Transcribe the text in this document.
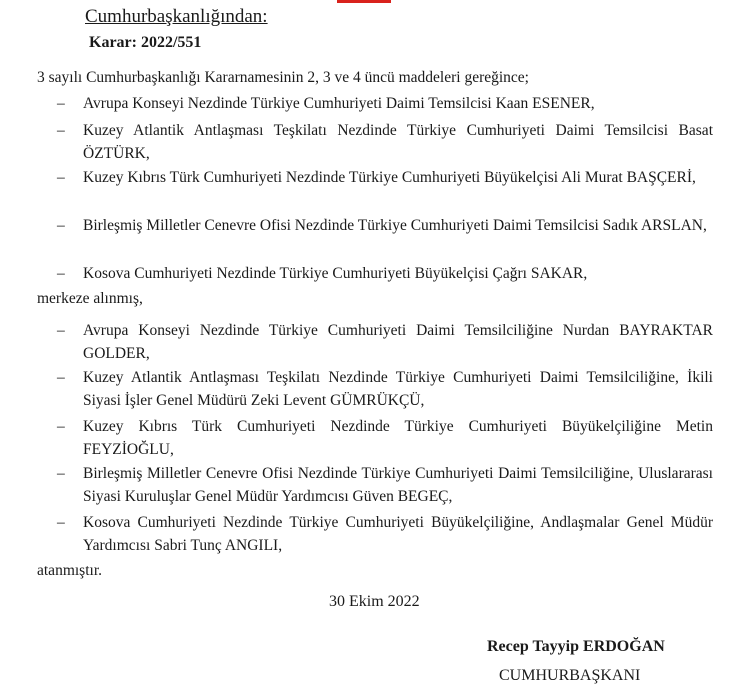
Cumhurbaşkanlığından:
Karar: 2022/551
3 sayılı Cumhurbaşkanlığı Kararnamesinin 2, 3 ve 4 üncü maddeleri gereğince;
– Avrupa Konseyi Nezdinde Türkiye Cumhuriyeti Daimi Temsilcisi Kaan ESENER,
– Kuzey Atlantik Antlaşması Teşkilatı Nezdinde Türkiye Cumhuriyeti Daimi Temsilcisi Basat ÖZTÜRK,
– Kuzey Kıbrıs Türk Cumhuriyeti Nezdinde Türkiye Cumhuriyeti Büyükelçisi Ali Murat BAŞÇERİ,
– Birleşmiş Milletler Cenevre Ofisi Nezdinde Türkiye Cumhuriyeti Daimi Temsilcisi Sadık ARSLAN,
– Kosova Cumhuriyeti Nezdinde Türkiye Cumhuriyeti Büyükelçisi Çağrı SAKAR,
merkeze alınmış,
– Avrupa Konseyi Nezdinde Türkiye Cumhuriyeti Daimi Temsilciliğine Nurdan BAYRAKTAR GOLDER,
– Kuzey Atlantik Antlaşması Teşkilatı Nezdinde Türkiye Cumhuriyeti Daimi Temsilciliğine, İkili Siyasi İşler Genel Müdürü Zeki Levent GÜMRÜKÇÜ,
– Kuzey Kıbrıs Türk Cumhuriyeti Nezdinde Türkiye Cumhuriyeti Büyükelçiliğine Metin FEYZİOĞLU,
– Birleşmiş Milletler Cenevre Ofisi Nezdinde Türkiye Cumhuriyeti Daimi Temsilciliğine, Uluslararası Siyasi Kuruluşlar Genel Müdür Yardımcısı Güven BEGEÇ,
– Kosova Cumhuriyeti Nezdinde Türkiye Cumhuriyeti Büyükelçiliğine, Andlaşmalar Genel Müdür Yardımcısı Sabri Tunç ANGILI,
atanmıştır.
30 Ekim 2022
Recep Tayyip ERDOĞAN
CUMHURBAŞKANI
